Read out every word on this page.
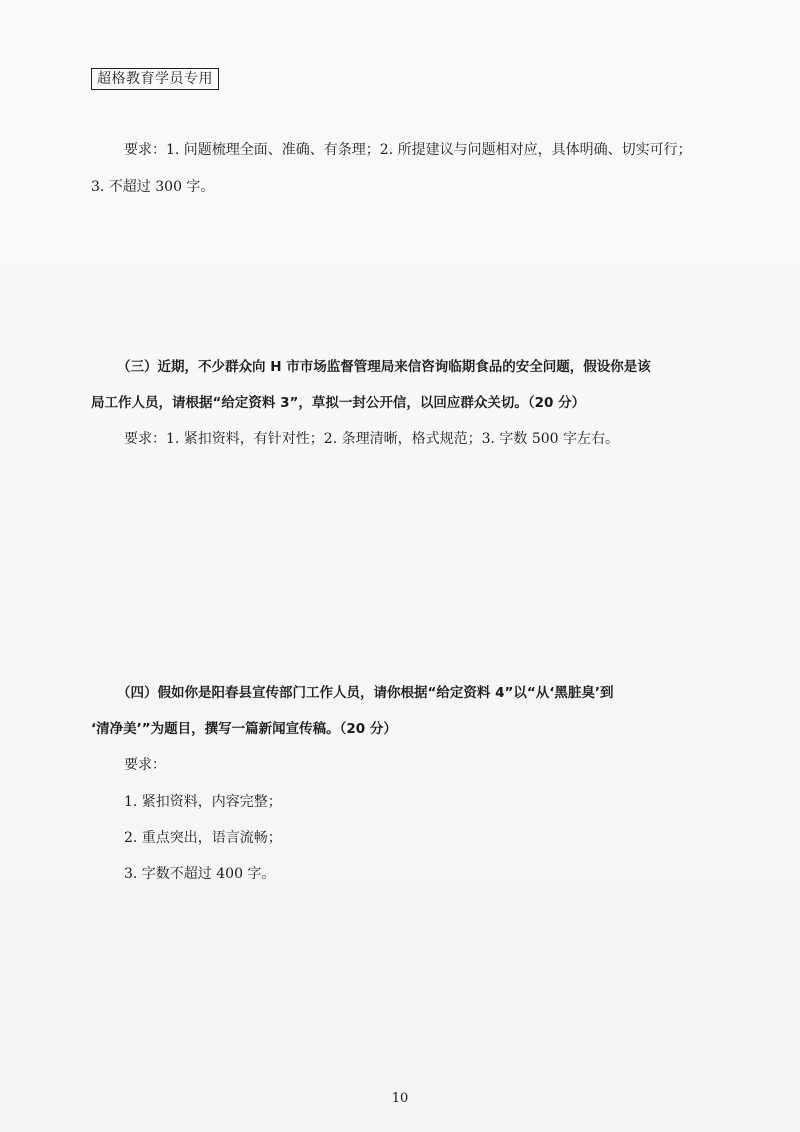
超格教育学员专用
要求：1. 问题梳理全面、准确、有条理；2. 所提建议与问题相对应，具体明确、切实可行；
3. 不超过 300 字。
（三）近期，不少群众向 H 市市场监督管理局来信咨询临期食品的安全问题，假设你是该
局工作人员，请根据“给定资料 3”，草拟一封公开信，以回应群众关切。（20 分）
要求：1. 紧扣资料，有针对性；2. 条理清晰，格式规范；3. 字数 500 字左右。
（四）假如你是阳春县宣传部门工作人员，请你根据“给定资料 4”以“从‘黑脏臭’到
‘清净美’”为题目，撰写一篇新闻宣传稿。（20 分）
要求：
1. 紧扣资料，内容完整；
2. 重点突出，语言流畅；
3. 字数不超过 400 字。
10
